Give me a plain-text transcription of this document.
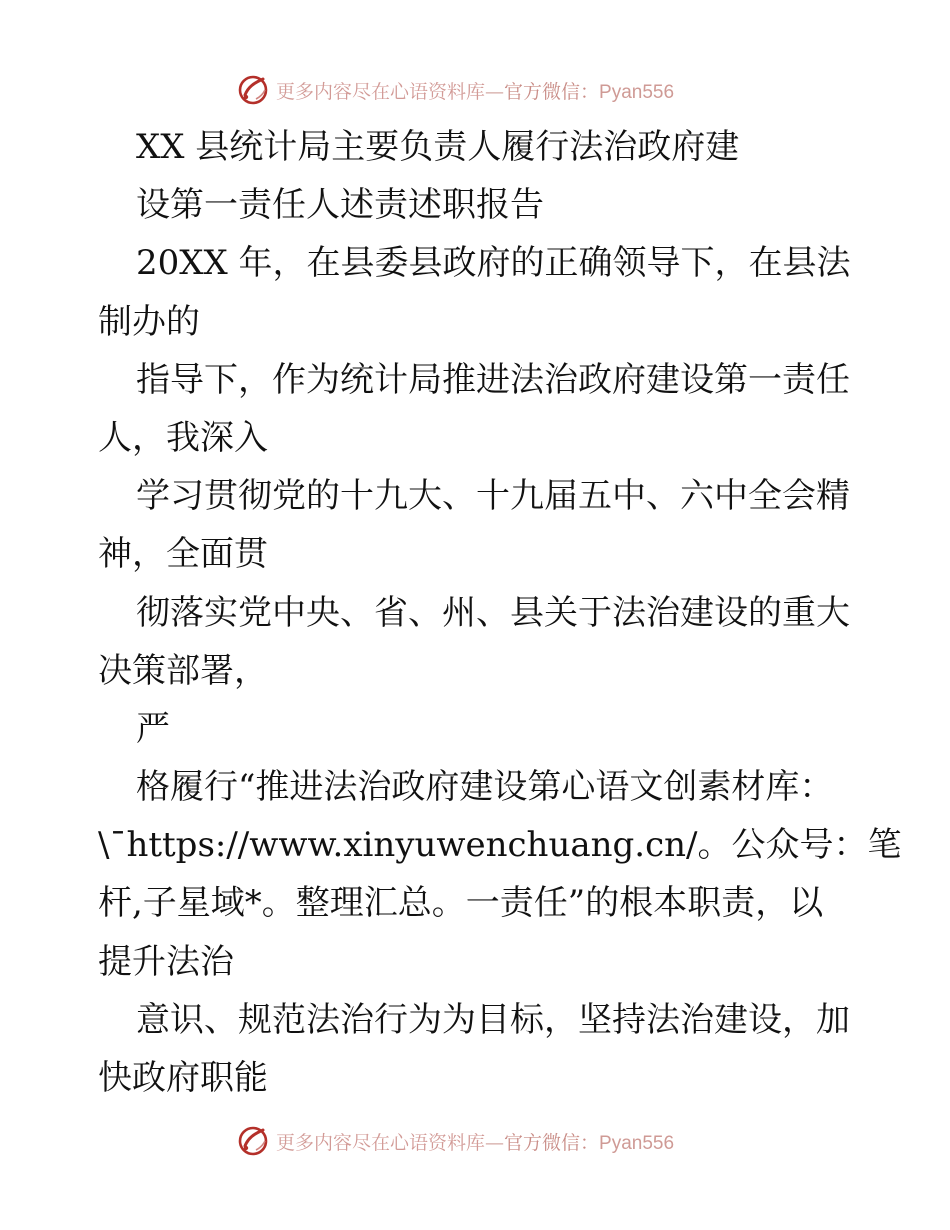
更多内容尽在心语资料库—官方微信：Pyan556
XX 县统计局主要负责人履行法治政府建
设第一责任人述责述职报告
20XX 年，在县委县政府的正确领导下，在县法
制办的
指导下，作为统计局推进法治政府建设第一责任
人，我深入
学习贯彻党的十九大、十九届五中、六中全会精
神，全面贯
彻落实党中央、省、州、县关于法治建设的重大
决策部署，
严
格履行“推进法治政府建设第心语文创素材库：
\¯https://www.xinyuwenchuang.cn/。公众号：笔
杆,子星域*。整理汇总。一责任”的根本职责，以
提升法治
意识、规范法治行为为目标，坚持法治建设，加
快政府职能
更多内容尽在心语资料库—官方微信：Pyan556
